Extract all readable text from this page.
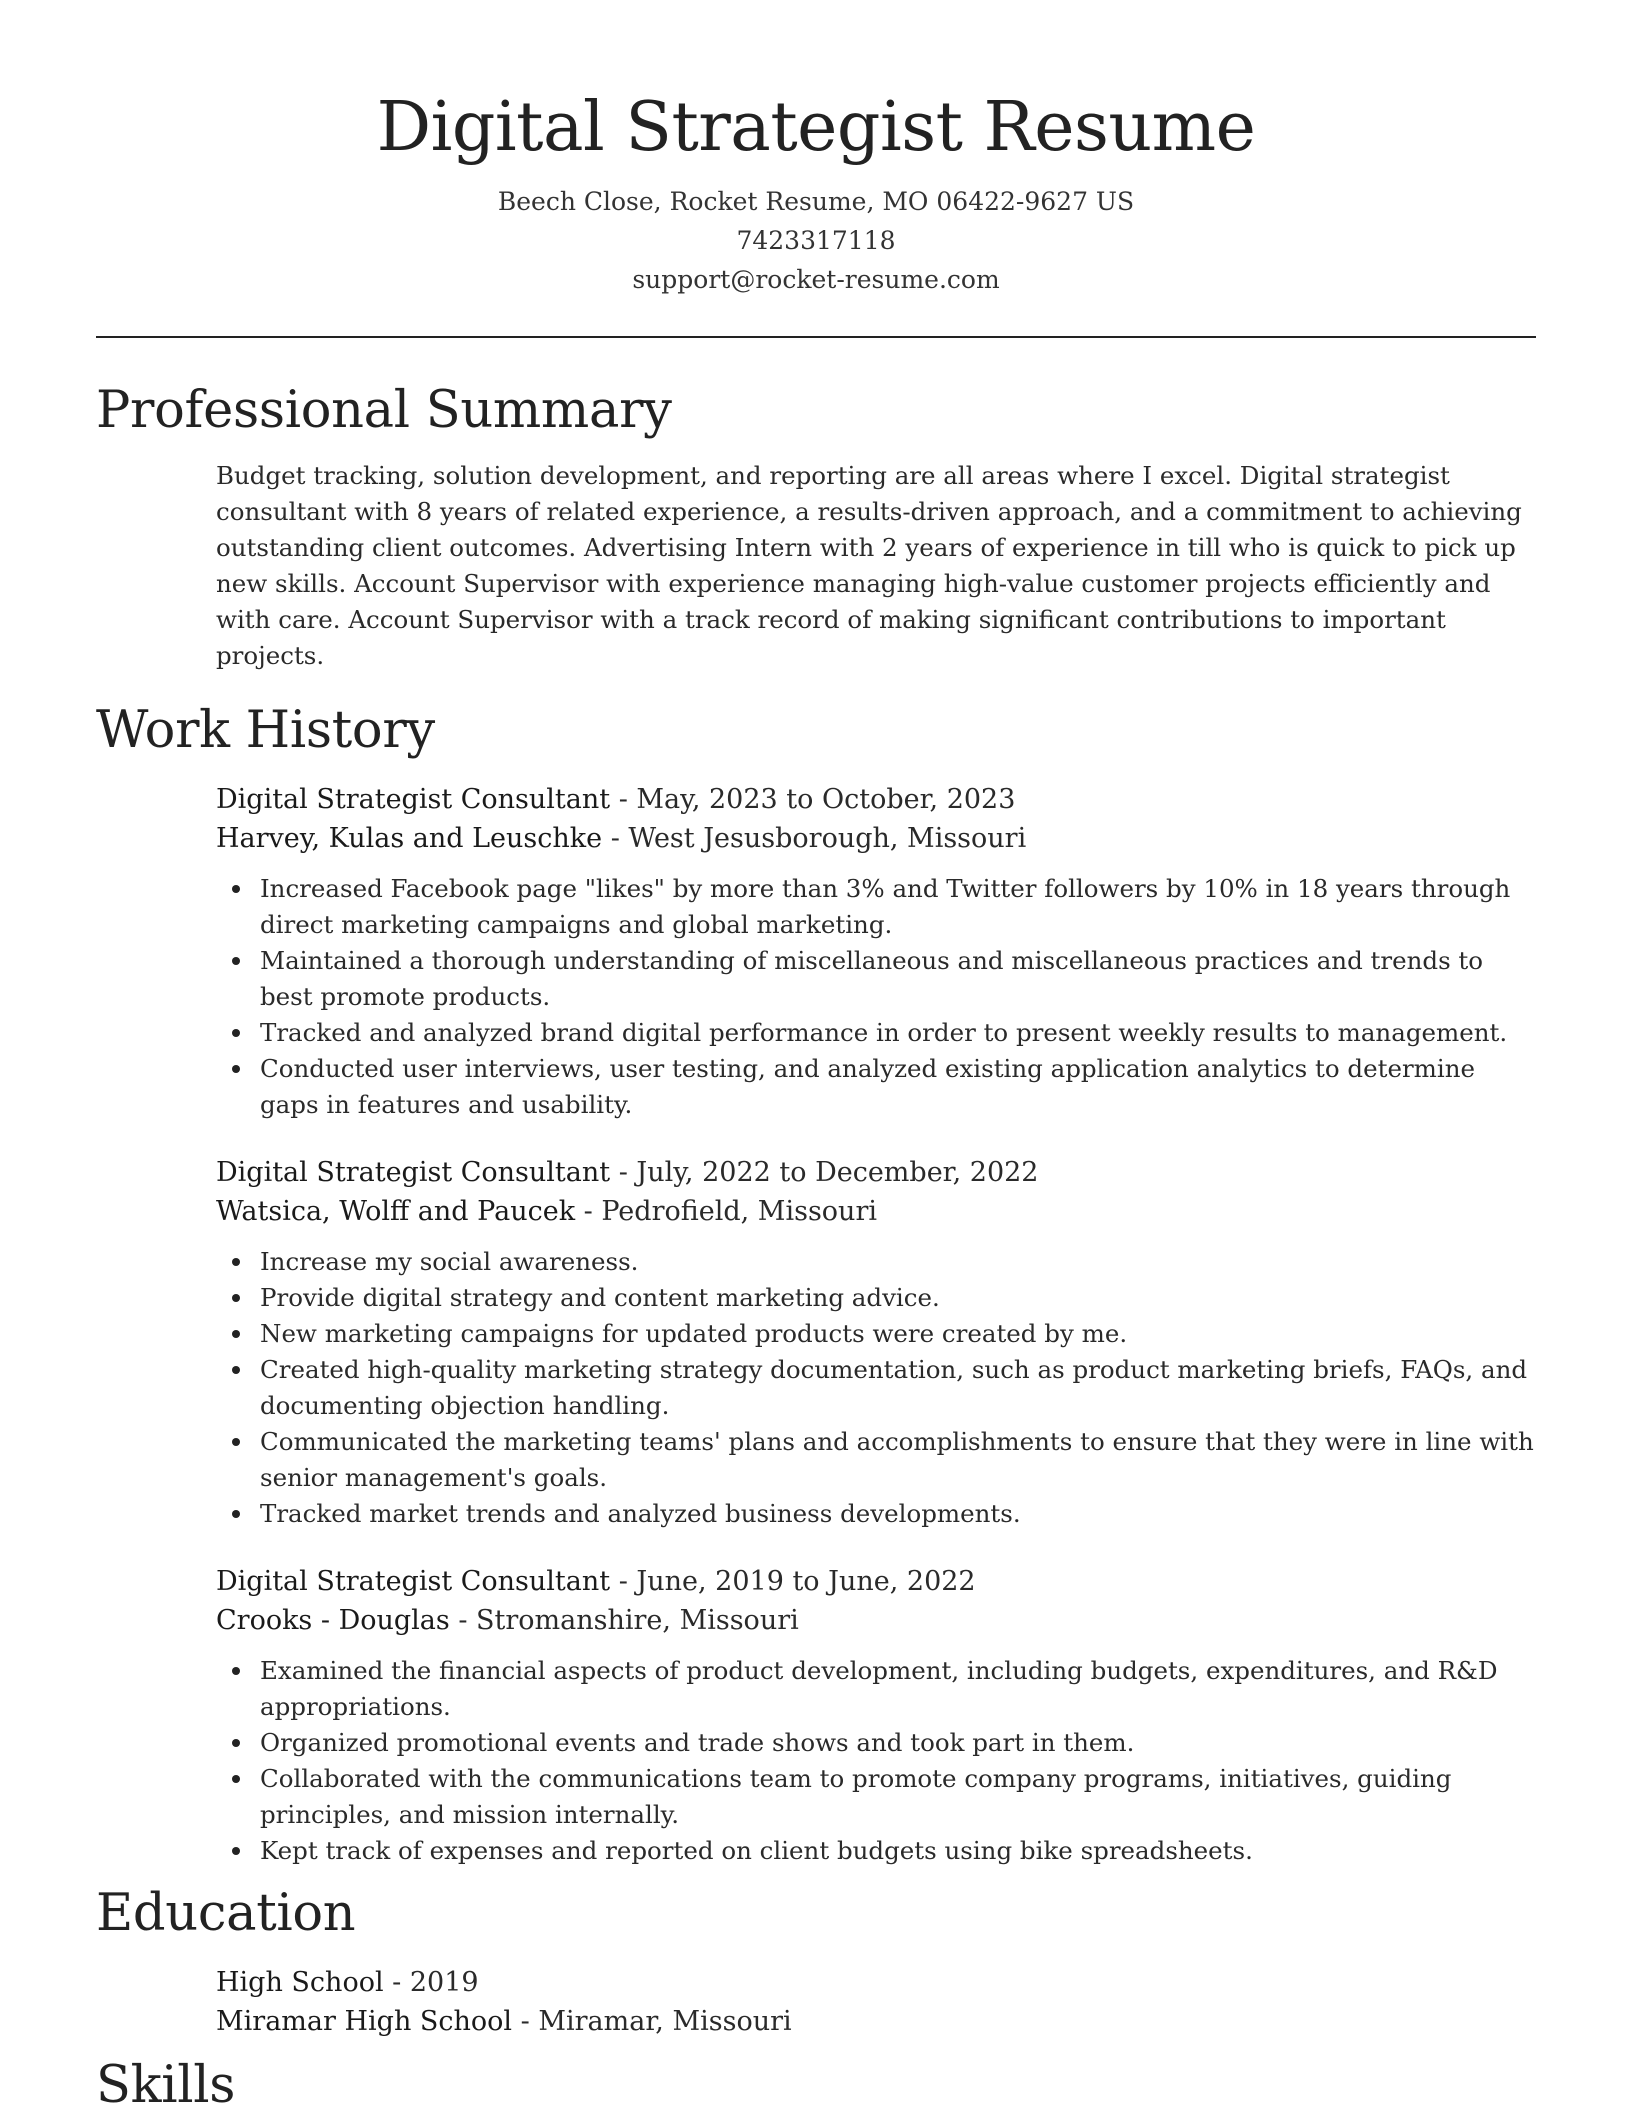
Digital Strategist Resume
Beech Close, Rocket Resume, MO 06422-9627 US
7423317118
support@rocket-resume.com
Professional Summary

Budget tracking, solution development, and reporting are all areas where I excel. Digital strategist consultant with 8 years of related experience, a results-driven approach, and a commitment to achieving outstanding client outcomes. Advertising Intern with 2 years of experience in till who is quick to pick up new skills. Account Supervisor with experience managing high-value customer projects efficiently and with care. Account Supervisor with a track record of making significant contributions to important projects.

Work History
Digital Strategist Consultant - May, 2023 to October, 2023
Harvey, Kulas and Leuschke - West Jesusborough, Missouri
Increased Facebook page "likes" by more than 3% and Twitter followers by 10% in 18 years through direct marketing campaigns and global marketing.
Maintained a thorough understanding of miscellaneous and miscellaneous practices and trends to best promote products.
Tracked and analyzed brand digital performance in order to present weekly results to management.
Conducted user interviews, user testing, and analyzed existing application analytics to determine gaps in features and usability.
Digital Strategist Consultant - July, 2022 to December, 2022
Watsica, Wolff and Paucek - Pedrofield, Missouri
Increase my social awareness.
Provide digital strategy and content marketing advice.
New marketing campaigns for updated products were created by me.
Created high-quality marketing strategy documentation, such as product marketing briefs, FAQs, and documenting objection handling.
Communicated the marketing teams' plans and accomplishments to ensure that they were in line with senior management's goals.
Tracked market trends and analyzed business developments.
Digital Strategist Consultant - June, 2019 to June, 2022
Crooks - Douglas - Stromanshire, Missouri
Examined the financial aspects of product development, including budgets, expenditures, and R&D appropriations.
Organized promotional events and trade shows and took part in them.
Collaborated with the communications team to promote company programs, initiatives, guiding principles, and mission internally.
Kept track of expenses and reported on client budgets using bike spreadsheets.
Education
High School - 2019
Miramar High School - Miramar, Missouri
Skills
